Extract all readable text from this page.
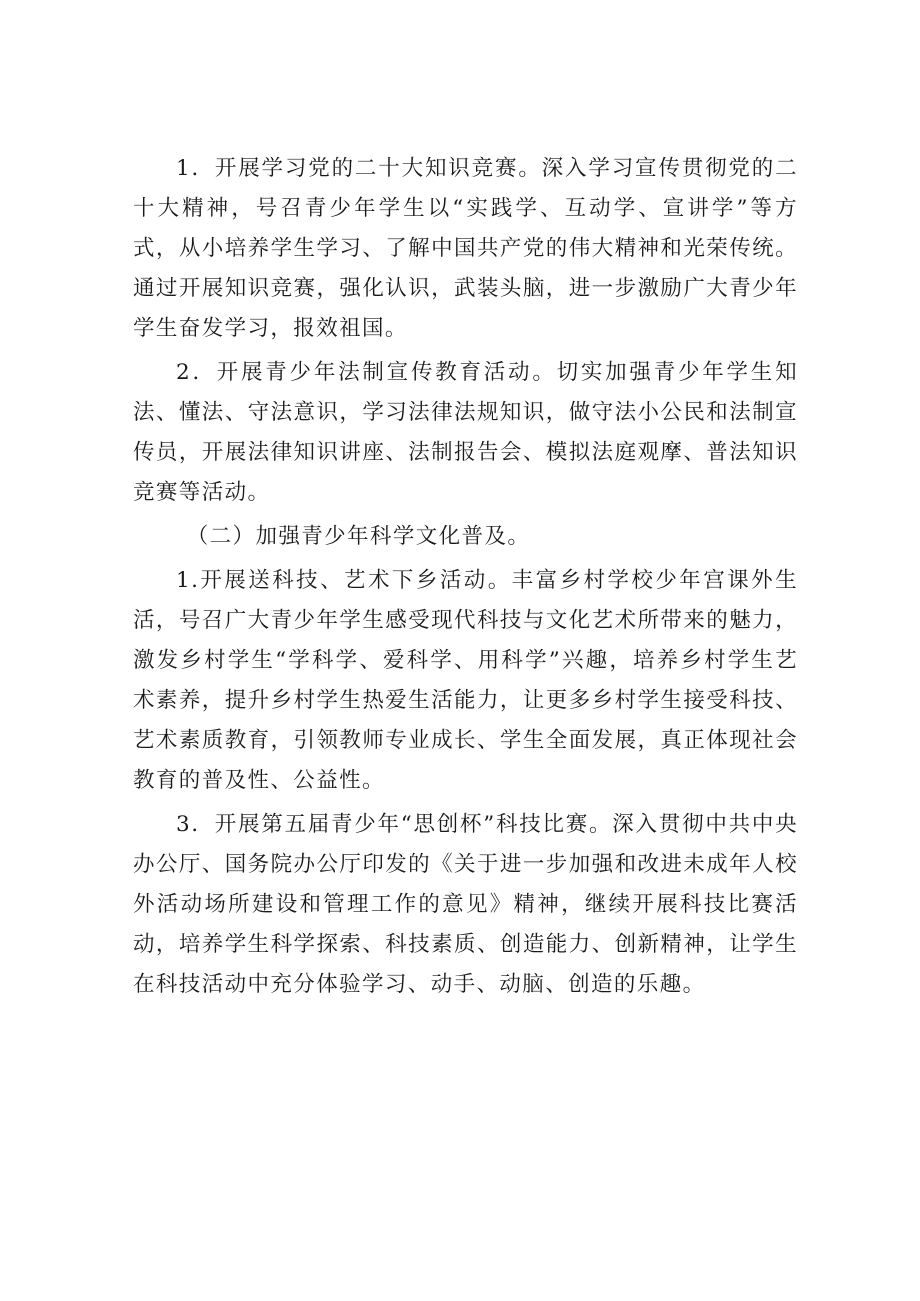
1．开展学习党的二十大知识竞赛。深入学习宣传贯彻党的二十大精神，号召青少年学生以“实践学、互动学、宣讲学”等方式，从小培养学生学习、了解中国共产党的伟大精神和光荣传统。通过开展知识竞赛，强化认识，武装头脑，进一步激励广大青少年学生奋发学习，报效祖国。

2．开展青少年法制宣传教育活动。切实加强青少年学生知法、懂法、守法意识，学习法律法规知识，做守法小公民和法制宣传员，开展法律知识讲座、法制报告会、模拟法庭观摩、普法知识竞赛等活动。

（二）加强青少年科学文化普及。

1.开展送科技、艺术下乡活动。丰富乡村学校少年宫课外生活，号召广大青少年学生感受现代科技与文化艺术所带来的魅力，激发乡村学生“学科学、爱科学、用科学”兴趣，培养乡村学生艺术素养，提升乡村学生热爱生活能力，让更多乡村学生接受科技、艺术素质教育，引领教师专业成长、学生全面发展，真正体现社会教育的普及性、公益性。

3．开展第五届青少年“思创杯”科技比赛。深入贯彻中共中央办公厅、国务院办公厅印发的《关于进一步加强和改进未成年人校外活动场所建设和管理工作的意见》精神，继续开展科技比赛活动，培养学生科学探索、科技素质、创造能力、创新精神，让学生在科技活动中充分体验学习、动手、动脑、创造的乐趣。
